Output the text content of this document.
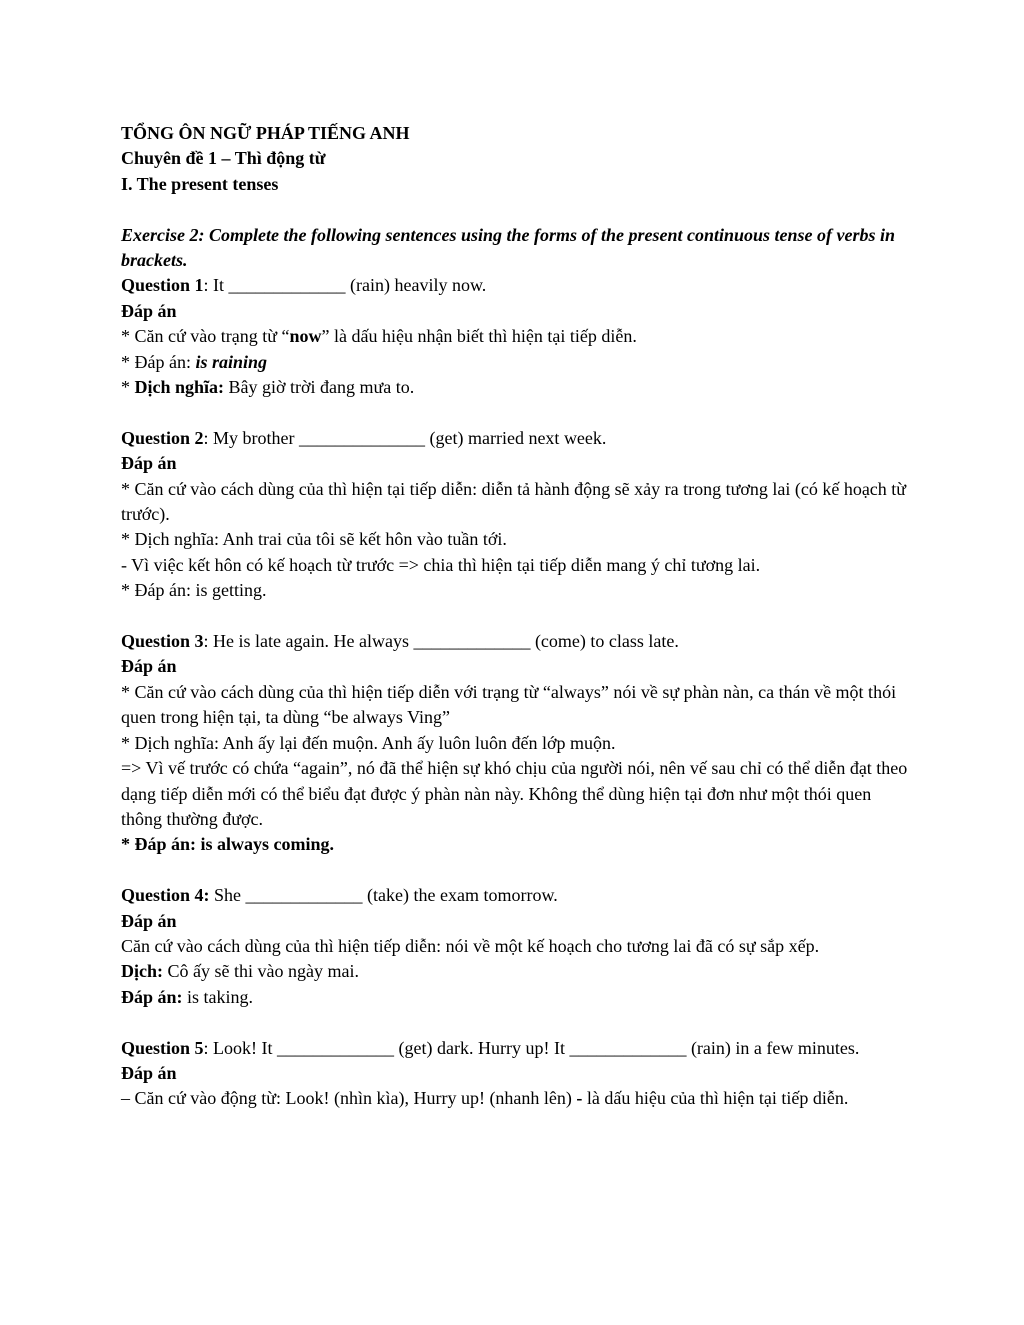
TỔNG ÔN NGỮ PHÁP TIẾNG ANH

Chuyên đề 1 – Thì động từ

I. The present tenses

Exercise 2: Complete the following sentences using the forms of the present continuous tense of verbs in brackets.

Question 1: It _____________ (rain) heavily now.

Đáp án

* Căn cứ vào trạng từ “now” là dấu hiệu nhận biết thì hiện tại tiếp diễn.

* Đáp án: is raining

* Dịch nghĩa: Bây giờ trời đang mưa to.

Question 2: My brother ______________ (get) married next week.

Đáp án

* Căn cứ vào cách dùng của thì hiện tại tiếp diễn: diễn tả hành động sẽ xảy ra trong tương lai (có kế hoạch từ trước).

* Dịch nghĩa: Anh trai của tôi sẽ kết hôn vào tuần tới.

- Vì việc kết hôn có kế hoạch từ trước => chia thì hiện tại tiếp diễn mang ý chỉ tương lai.

* Đáp án: is getting.

Question 3: He is late again. He always _____________ (come) to class late.

Đáp án

* Căn cứ vào cách dùng của thì hiện tiếp diễn với trạng từ “always” nói về sự phàn nàn, ca thán về một thói quen trong hiện tại, ta dùng “be always Ving”

* Dịch nghĩa: Anh ấy lại đến muộn. Anh ấy luôn luôn đến lớp muộn.

=> Vì vế trước có chứa “again”, nó đã thể hiện sự khó chịu của người nói, nên vế sau chỉ có thể diễn đạt theo dạng tiếp diễn mới có thể biểu đạt được ý phàn nàn này. Không thể dùng hiện tại đơn như một thói quen thông thường được.

* Đáp án: is always coming.

Question 4: She _____________ (take) the exam tomorrow.

Đáp án

Căn cứ vào cách dùng của thì hiện tiếp diễn: nói về một kế hoạch cho tương lai đã có sự sắp xếp.

Dịch: Cô ấy sẽ thi vào ngày mai.

Đáp án: is taking.

Question 5: Look! It _____________ (get) dark. Hurry up! It _____________ (rain) in a few minutes.

Đáp án

– Căn cứ vào động từ: Look! (nhìn kìa), Hurry up! (nhanh lên) - là dấu hiệu của thì hiện tại tiếp diễn.
